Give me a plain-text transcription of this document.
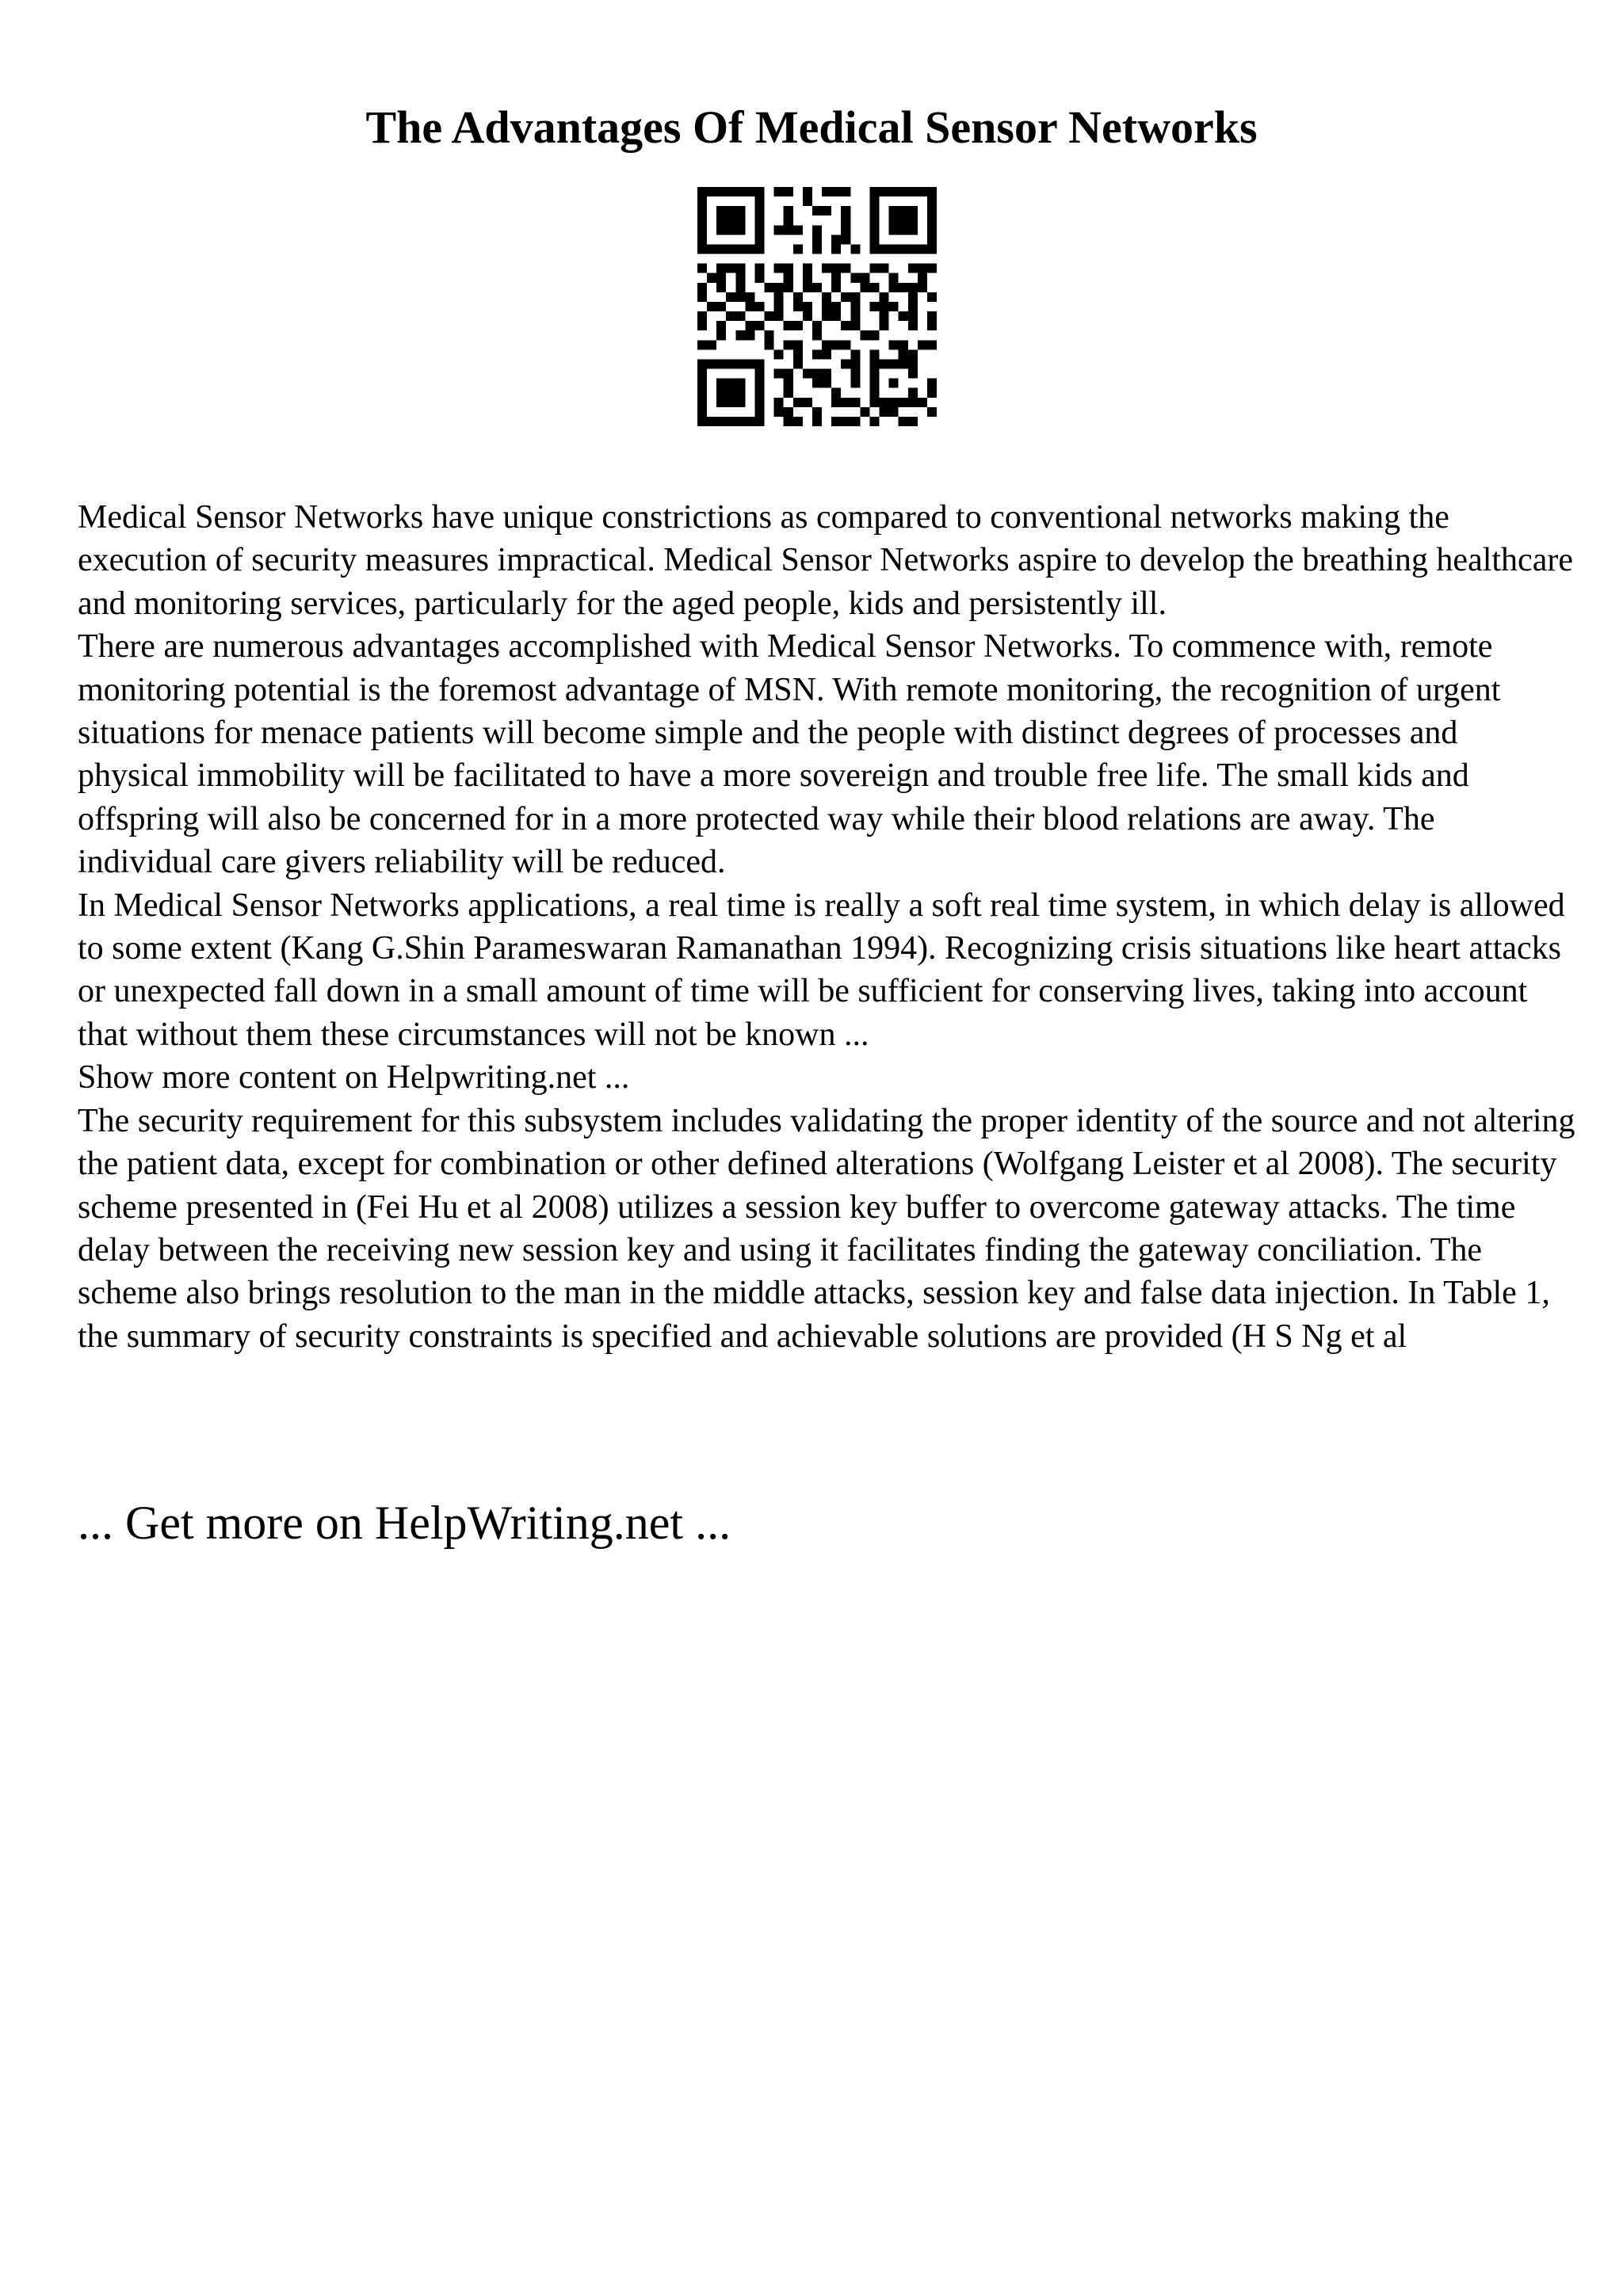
The Advantages Of Medical Sensor Networks

Medical Sensor Networks have unique constrictions as compared to conventional networks making the execution of security measures impractical. Medical Sensor Networks aspire to develop the breathing healthcare and monitoring services, particularly for the aged people, kids and persistently ill.

There are numerous advantages accomplished with Medical Sensor Networks. To commence with, remote monitoring potential is the foremost advantage of MSN. With remote monitoring, the recognition of urgent situations for menace patients will become simple and the people with distinct degrees of processes and physical immobility will be facilitated to have a more sovereign and trouble free life. The small kids and offspring will also be concerned for in a more protected way while their blood relations are away. The individual care givers reliability will be reduced.

In Medical Sensor Networks applications, a real time is really a soft real time system, in which delay is allowed to some extent (Kang G.Shin Parameswaran Ramanathan 1994). Recognizing crisis situations like heart attacks or unexpected fall down in a small amount of time will be sufficient for conserving lives, taking into account that without them these circumstances will not be known ...

Show more content on Helpwriting.net ...

The security requirement for this subsystem includes validating the proper identity of the source and not altering the patient data, except for combination or other defined alterations (Wolfgang Leister et al 2008). The security scheme presented in (Fei Hu et al 2008) utilizes a session key buffer to overcome gateway attacks. The time delay between the receiving new session key and using it facilitates finding the gateway conciliation. The scheme also brings resolution to the man in the middle attacks, session key and false data injection. In Table 1, the summary of security constraints is specified and achievable solutions are provided (H S Ng et al

... Get more on HelpWriting.net ...
